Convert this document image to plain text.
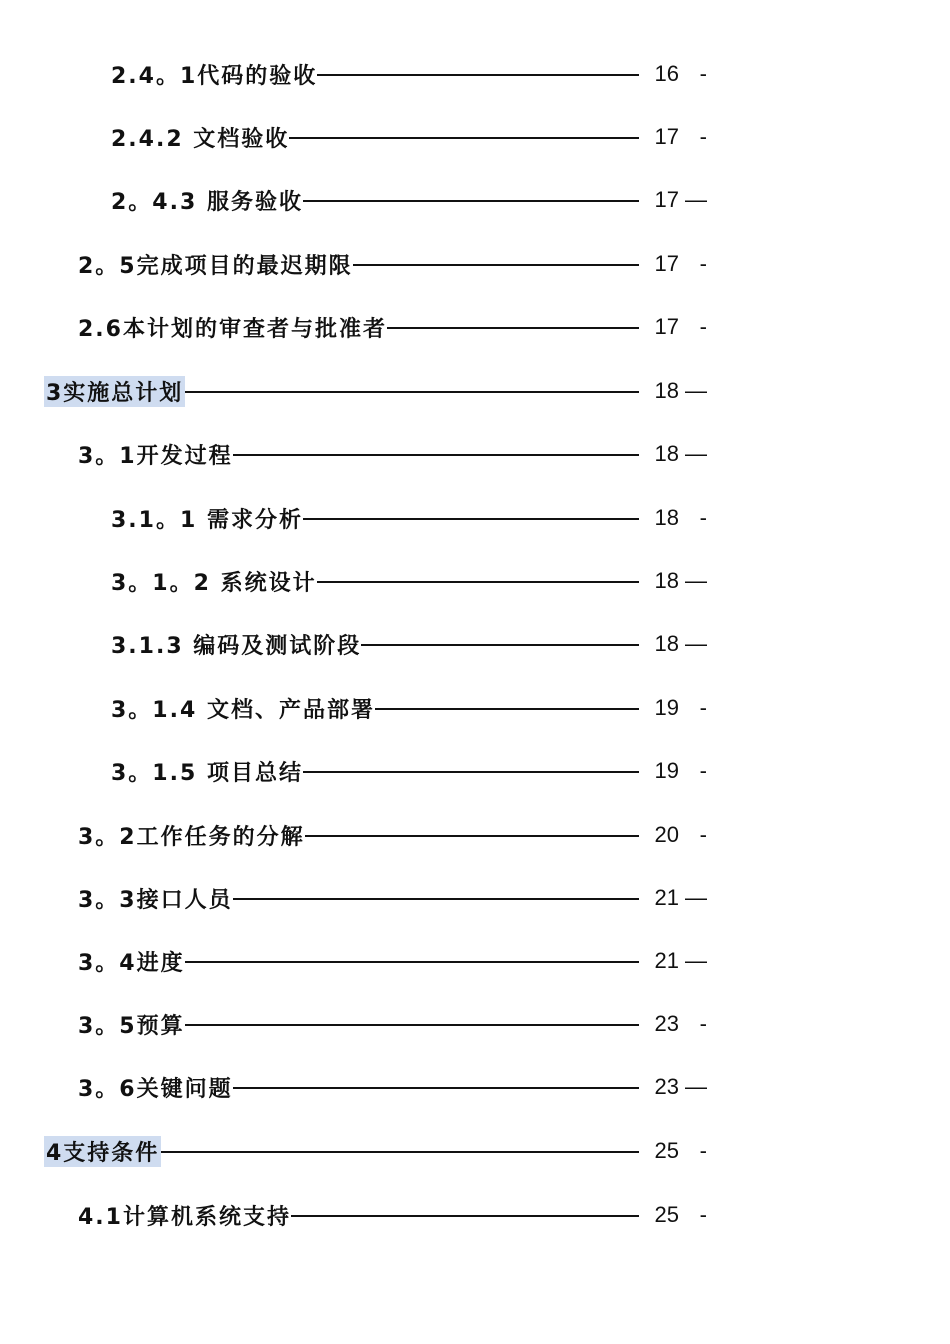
2.4。1代码的验收	16 -
2.4.2 文档验收	17 -
2。4.3 服务验收	17 —
2。5完成项目的最迟期限	17 -
2.6本计划的审查者与批准者	17 -
3实施总计划	18 —
3。1开发过程	18 —
3.1。1 需求分析	18 -
3。1。2 系统设计	18 —
3.1.3 编码及测试阶段	18 —
3。1.4 文档、产品部署	19 -
3。1.5 项目总结	19 -
3。2工作任务的分解	20 -
3。3接口人员	21 —
3。4进度	21 —
3。5预算	23 -
3。6关键问题	23 —
4支持条件	25 -
4.1计算机系统支持	25 -
